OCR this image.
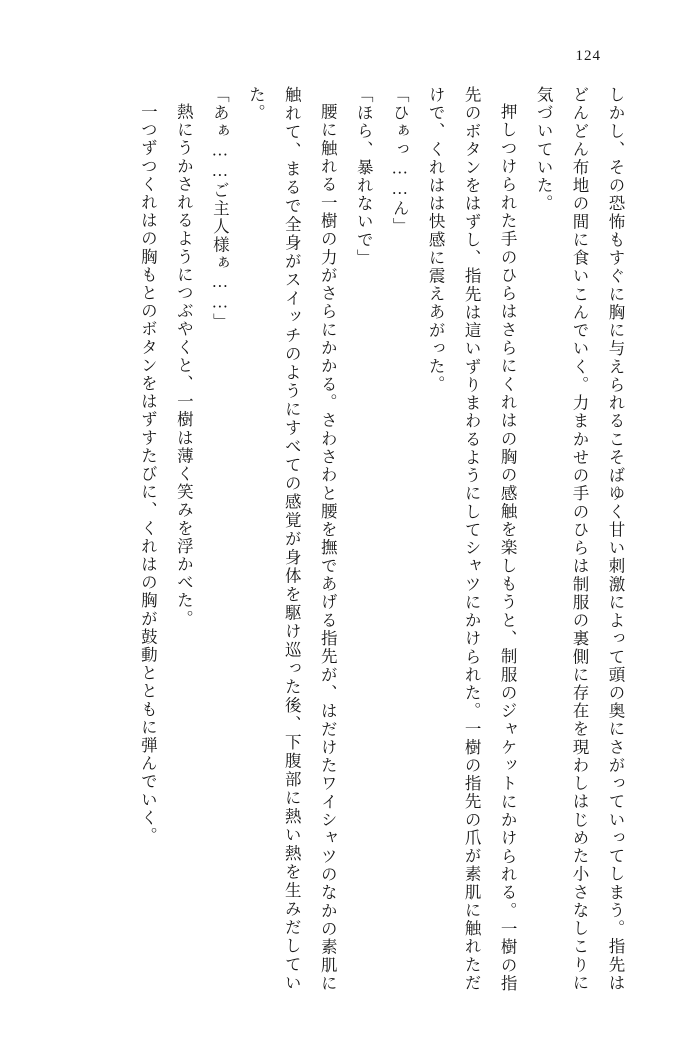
124

しかし、その恐怖もすぐに胸に与えられるこそばゆく甘い刺激によって頭の奥にさがっていってしまう。指先はどんどん布地の間に食いこんでいく。力まかせの手のひらは制服の裏側に存在を現わしはじめた小さなしこりに気づいていた。

押しつけられた手のひらはさらにくれはの胸の感触を楽しもうと、制服のジャケットにかけられる。一樹の指先のボタンをはずし、指先は這いずりまわるようにしてシャツにかけられた。一樹の指先の爪が素肌に触れただけで、くれはは快感に震えあがった。

「ひぁっ……ん」

「ほら、暴れないで」

腰に触れる一樹の力がさらにかかる。さわさわと腰を撫であげる指先が、はだけたワイシャツのなかの素肌に触れて、まるで全身がスイッチのようにすべての感覚が身体を駆け巡った後、下腹部に熱い熱を生みだしていた。

「あぁ……ご主人様ぁ……」

熱にうかされるようにつぶやくと、一樹は薄く笑みを浮かべた。

一つずつくれはの胸もとのボタンをはずすたびに、くれはの胸が鼓動とともに弾んでいく。
